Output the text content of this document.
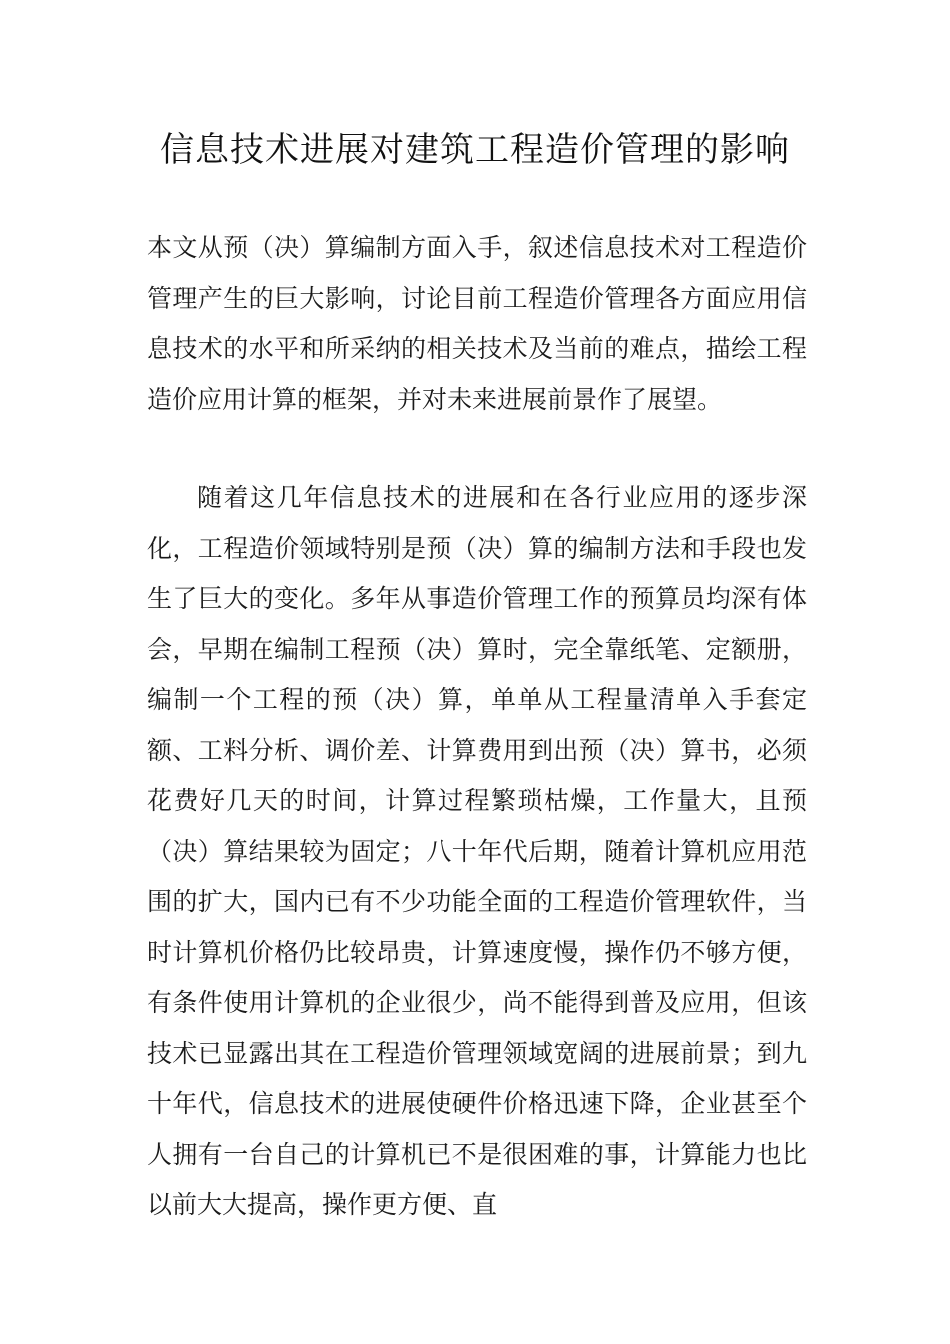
信息技术进展对建筑工程造价管理的影响

本文从预（决）算编制方面入手，叙述信息技术对工程造价管理产生的巨大影响，讨论目前工程造价管理各方面应用信息技术的水平和所采纳的相关技术及当前的难点，描绘工程造价应用计算的框架，并对未来进展前景作了展望。

随着这几年信息技术的进展和在各行业应用的逐步深化，工程造价领域特别是预（决）算的编制方法和手段也发生了巨大的变化。多年从事造价管理工作的预算员均深有体会，早期在编制工程预（决）算时，完全靠纸笔、定额册，编制一个工程的预（决）算，单单从工程量清单入手套定额、工料分析、调价差、计算费用到出预（决）算书，必须花费好几天的时间，计算过程繁琐枯燥，工作量大，且预（决）算结果较为固定；八十年代后期，随着计算机应用范围的扩大，国内已有不少功能全面的工程造价管理软件，当时计算机价格仍比较昂贵，计算速度慢，操作仍不够方便，有条件使用计算机的企业很少，尚不能得到普及应用，但该技术已显露出其在工程造价管理领域宽阔的进展前景；到九十年代，信息技术的进展使硬件价格迅速下降，企业甚至个人拥有一台自己的计算机已不是很困难的事，计算能力也比以前大大提高，操作更方便、直
